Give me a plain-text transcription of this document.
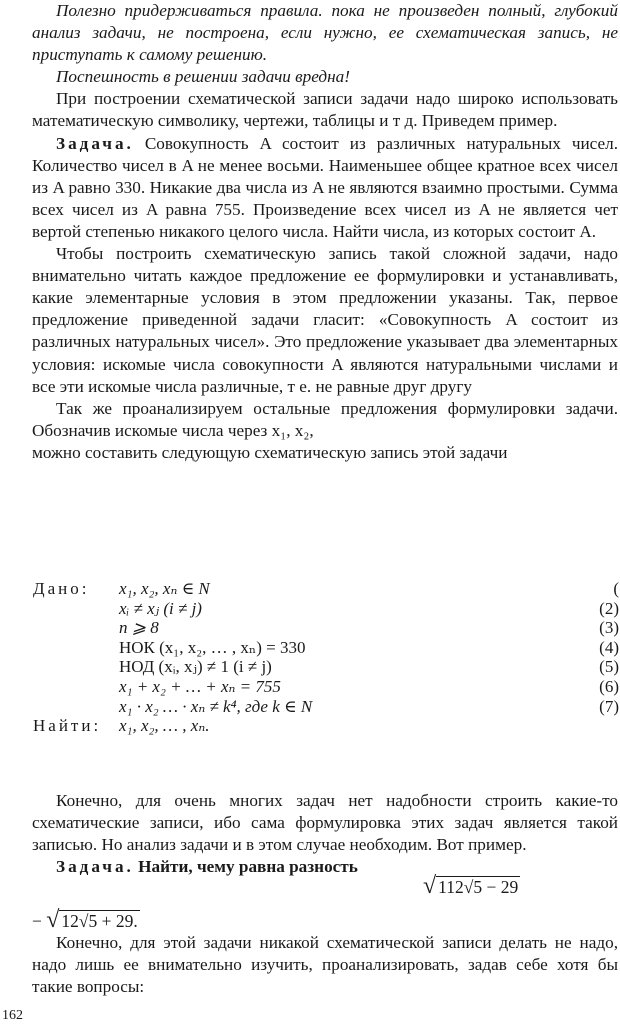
Полезно придерживаться правила. пока не произведен полный, глубокий анализ задачи, не построена, если нужно, ее схематическая запись, не приступать к самому решению.

Поспешность в решении задачи вредна!

При построении схематической записи задачи надо широко использовать математическую символику, чертежи, таблицы и т д. Приведем пример.

Задача. Совокупность A состоит из различных натуральных чисел. Количество чисел в A не менее восьми. Наименьшее общее кратное всех чисел из A равно 330. Никакие два числа из A не являются взаимно простыми. Сумма всех чисел из A равна 755. Произведение всех чисел из A не является чет вертой степенью никакого целого числа. Найти числа, из которых состоит A.

Чтобы построить схематическую запись такой сложной задачи, надо внимательно читать каждое предложение ее формулировки и устанавливать, какие элементарные условия в этом предложении указаны. Так, первое предложение приведенной задачи гласит: «Совокупность A состоит из различных натуральных чисел». Это предложение указывает два элементарных условия: искомые числа совокупности A являются натуральными числами и все эти искомые числа различные, т е. не равные друг другу

Так же проанализируем остальные предложения формулировки задачи. Обозначив искомые числа через x₁, x₂,

можно составить следующую схематическую запись этой задачи

Дано: x₁, x₂, xₙ ∈ N	(
xᵢ ≠ xⱼ (i ≠ j)	(2)
n ⩾ 8	(3)
НОК (x₁, x₂, … , xₙ) = 330	(4)
НОД (xᵢ, xⱼ) ≠ 1 (i ≠ j)	(5)
x₁ + x₂ + … + xₙ = 755	(6)
x₁ · x₂ … · xₙ ≠ k⁴, где k ∈ N	(7)
Найти: x₁, x₂, … , xₙ.

Конечно, для очень многих задач нет надобности строить какие-то схематические записи, ибо сама формулировка этих задач является такой записью. Но анализ задачи и в этом случае необходим. Вот пример.

Задача. Найти, чему равна разность

√ 112√5 − 29
− √ 12√5 + 29.

Конечно, для этой задачи никакой схематической записи делать не надо, надо лишь ее внимательно изучить, проанализировать, задав себе хотя бы такие вопросы:

162
